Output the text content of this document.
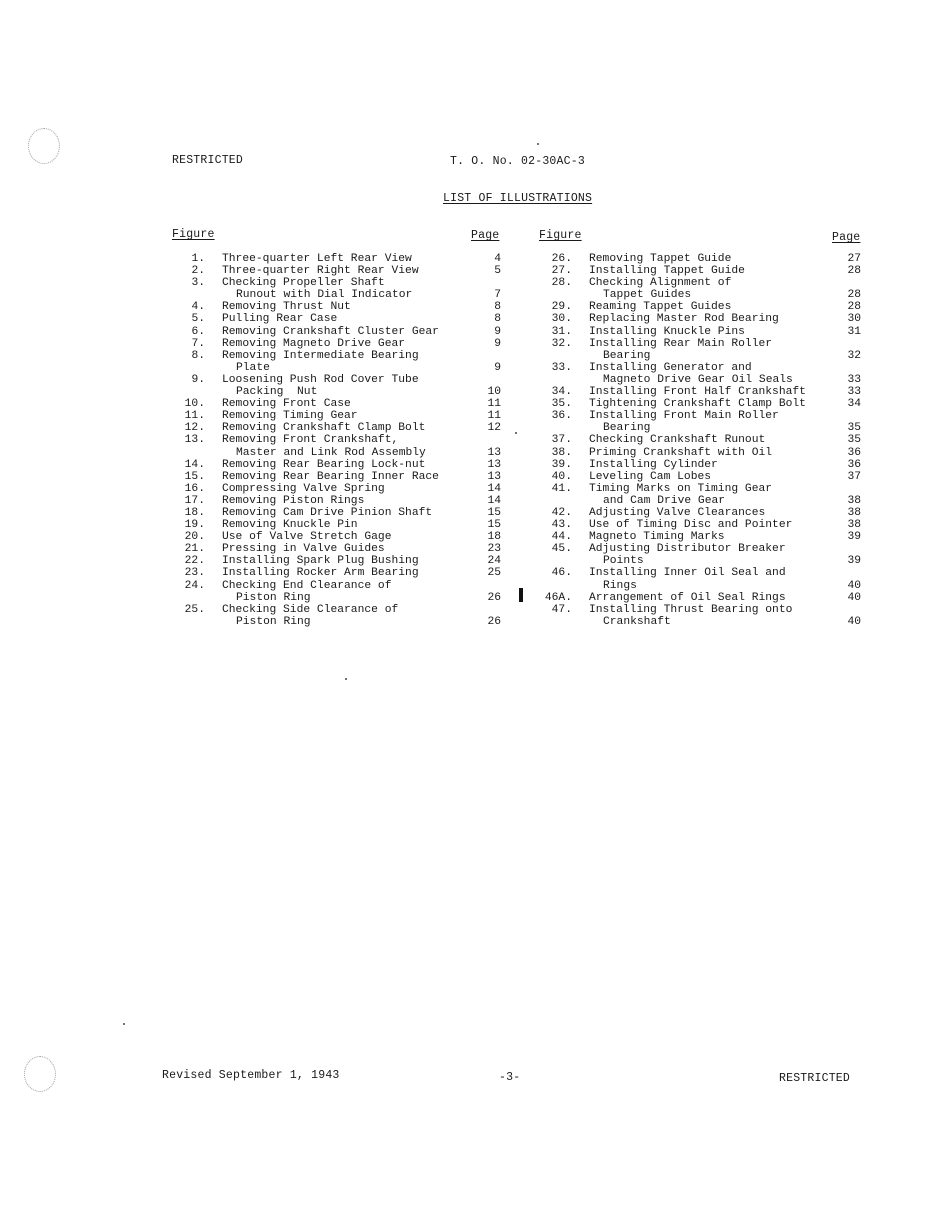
RESTRICTED	T. O. No. 02-30AC-3
LIST OF ILLUSTRATIONS
Figure	Page	Figure	Page
1. Three-quarter Left Rear View	4
2. Three-quarter Right Rear View	5
3. Checking Propeller Shaft
Runout with Dial Indicator	7
4. Removing Thrust Nut	8
5. Pulling Rear Case	8
6. Removing Crankshaft Cluster Gear	9
7. Removing Magneto Drive Gear	9
8. Removing Intermediate Bearing
Plate	9
9. Loosening Push Rod Cover Tube
Packing  Nut	10
10. Removing Front Case	11
11. Removing Timing Gear	11
12. Removing Crankshaft Clamp Bolt	12
13. Removing Front Crankshaft,
Master and Link Rod Assembly	13
14. Removing Rear Bearing Lock-nut	13
15. Removing Rear Bearing Inner Race	13
16. Compressing Valve Spring	14
17. Removing Piston Rings	14
18. Removing Cam Drive Pinion Shaft	15
19. Removing Knuckle Pin	15
20. Use of Valve Stretch Gage	18
21. Pressing in Valve Guides	23
22. Installing Spark Plug Bushing	24
23. Installing Rocker Arm Bearing	25
24. Checking End Clearance of
Piston Ring	26
25. Checking Side Clearance of
Piston Ring	26
26. Removing Tappet Guide	27
27. Installing Tappet Guide	28
28. Checking Alignment of
Tappet Guides	28
29. Reaming Tappet Guides	28
30. Replacing Master Rod Bearing	30
31. Installing Knuckle Pins	31
32. Installing Rear Main Roller
Bearing	32
33. Installing Generator and
Magneto Drive Gear Oil Seals	33
34. Installing Front Half Crankshaft	33
35. Tightening Crankshaft Clamp Bolt	34
36. Installing Front Main Roller
Bearing	35
37. Checking Crankshaft Runout	35
38. Priming Crankshaft with Oil	36
39. Installing Cylinder	36
40. Leveling Cam Lobes	37
41. Timing Marks on Timing Gear
and Cam Drive Gear	38
42. Adjusting Valve Clearances	38
43. Use of Timing Disc and Pointer	38
44. Magneto Timing Marks	39
45. Adjusting Distributor Breaker
Points	39
46. Installing Inner Oil Seal and
Rings	40
46A. Arrangement of Oil Seal Rings	40
47. Installing Thrust Bearing onto
Crankshaft	40
Revised September 1, 1943	-3-	RESTRICTED
